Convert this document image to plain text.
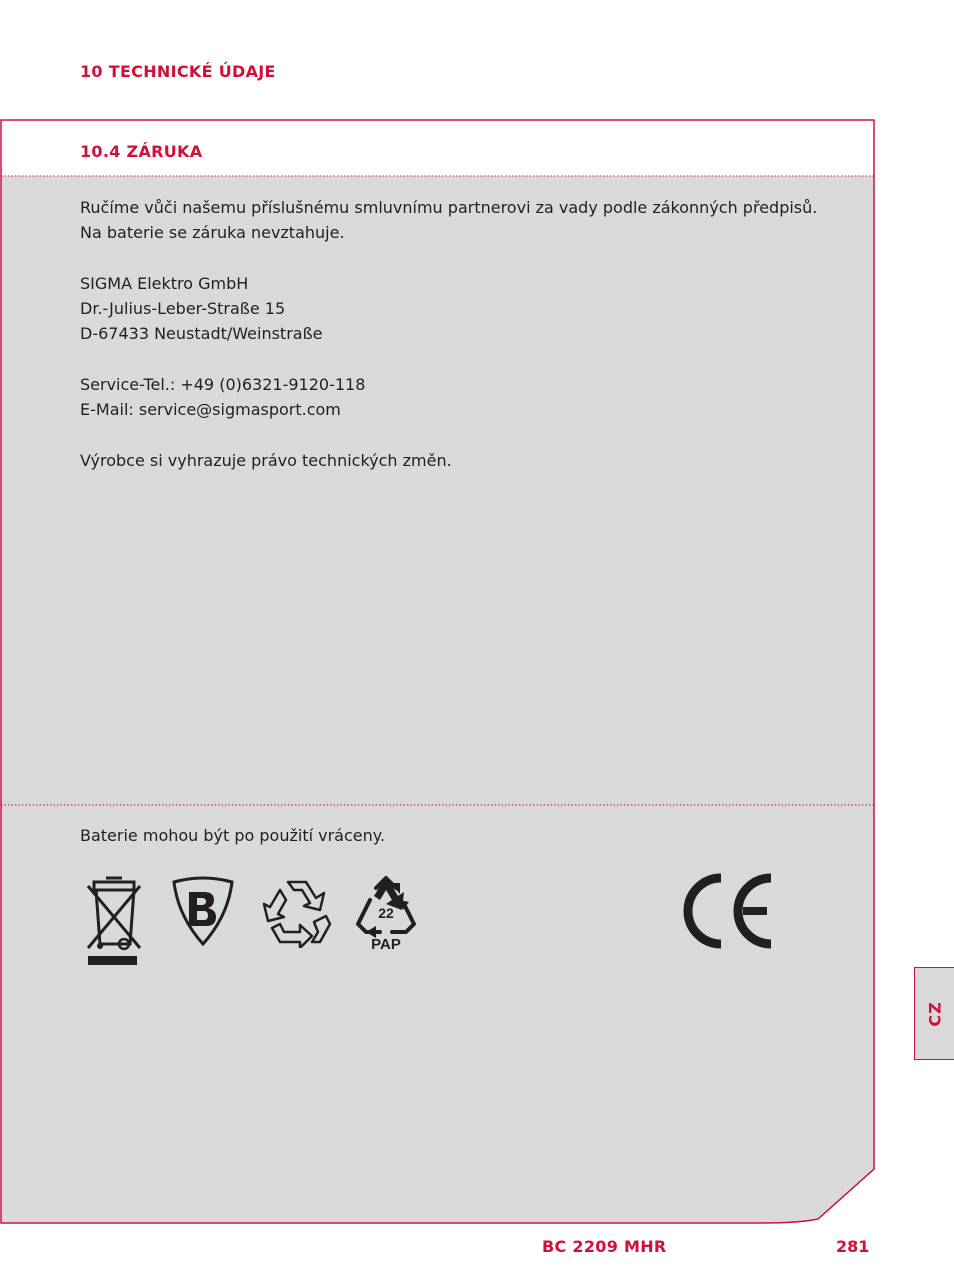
10 TECHNICKÉ ÚDAJE
10.4 ZÁRUKA

Ručíme vůči našemu příslušnému smluvnímu partnerovi za vady podle zákonných předpisů.

Na baterie se záruka nevztahuje.

SIGMA Elektro GmbH

Dr.-Julius-Leber-Straße 15

D-67433 Neustadt/Weinstraße

Service-Tel.: +49 (0)6321-9120-118

E-Mail: service@sigmasport.com

Výrobce si vyhrazuje právo technických změn.

Baterie mohou být po použití vráceny.
22
PAP
CZ
BC 2209 MHR	281
